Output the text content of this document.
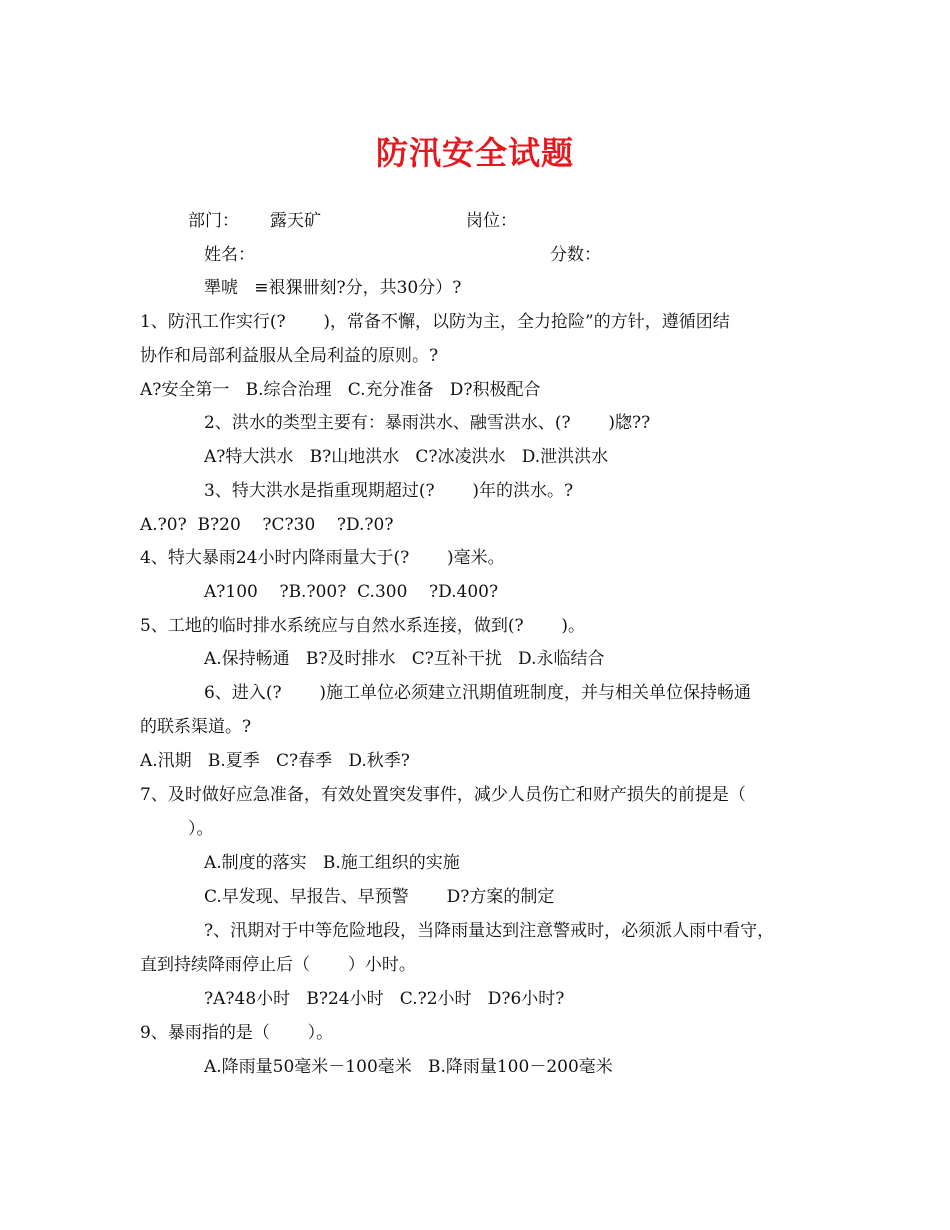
防汛安全试题
部门： 露天矿	岗位：
姓名：	分数：
犟唬   ≡裉猓卌刻?分，共30分）?
1、防汛工作实行(?       )，常备不懈，以防为主，全力抢险”的方针，遵循团结
协作和局部利益服从全局利益的原则。?
A?安全第一   B.综合治理   C.充分准备   D?积极配合
2、洪水的类型主要有：暴雨洪水、融雪洪水、(?       )牎??
A?特大洪水   B?山地洪水   C?冰凌洪水   D.泄洪洪水
3、特大洪水是指重现期超过(?       )年的洪水。?
A.?0?  B?20    ?C?30    ?D.?0?
4、特大暴雨24小时内降雨量大于(?       )毫米。
A?100    ?B.?00?  C.300    ?D.400?
5、工地的临时排水系统应与自然水系连接，做到(?       )。
A.保持畅通   B?及时排水   C?互补干扰   D.永临结合
6、进入(?       )施工单位必须建立汛期值班制度，并与相关单位保持畅通
的联系渠道。?
A.汛期   B.夏季   C?春季   D.秋季?
7、及时做好应急准备，有效处置突发事件，减少人员伤亡和财产损失的前提是（
）。
A.制度的落实   B.施工组织的实施
C.早发现、早报告、早预警       D?方案的制定
?、汛期对于中等危险地段，当降雨量达到注意警戒时，必须派人雨中看守，
直到持续降雨停止后（       ）小时。
?A?48小时   B?24小时   C.?2小时   D?6小时?
9、暴雨指的是（       ）。
A.降雨量50毫米－100毫米   B.降雨量100－200毫米
